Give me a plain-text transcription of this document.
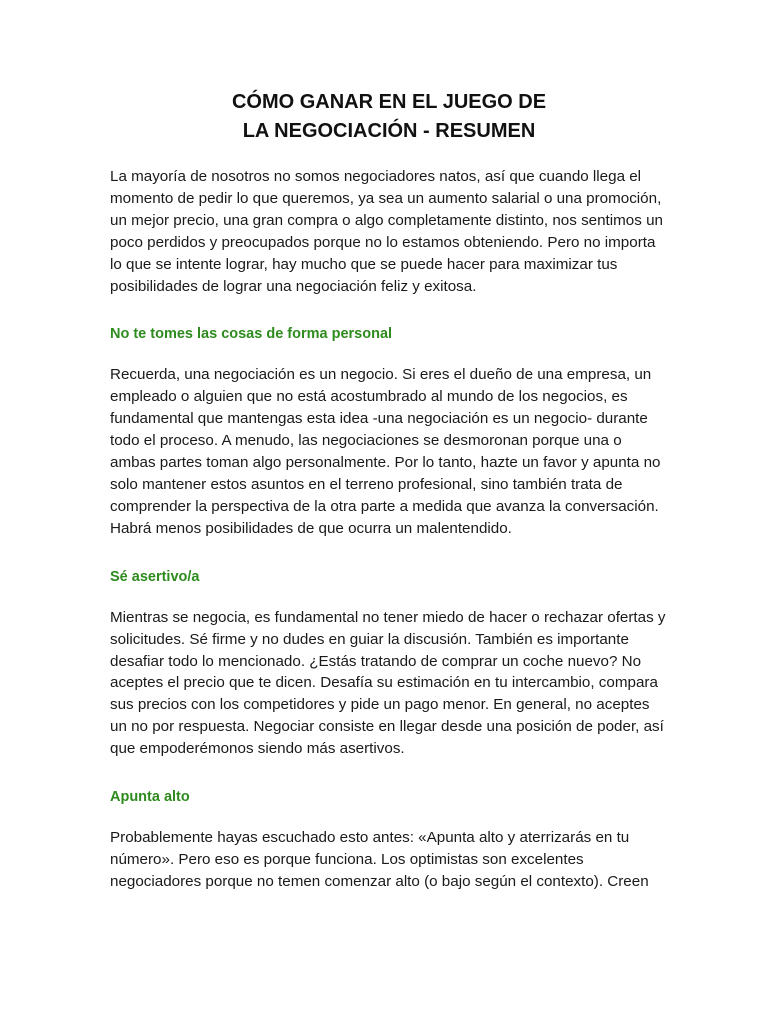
CÓMO GANAR EN EL JUEGO DE
LA NEGOCIACIÓN - RESUMEN

La mayoría de nosotros no somos negociadores natos, así que cuando llega el momento de pedir lo que queremos, ya sea un aumento salarial o una promoción, un mejor precio, una gran compra o algo completamente distinto, nos sentimos un poco perdidos y preocupados porque no lo estamos obteniendo. Pero no importa lo que se intente lograr, hay mucho que se puede hacer para maximizar tus posibilidades de lograr una negociación feliz y exitosa.

No te tomes las cosas de forma personal

Recuerda, una negociación es un negocio. Si eres el dueño de una empresa, un empleado o alguien que no está acostumbrado al mundo de los negocios, es fundamental que mantengas esta idea -una negociación es un negocio- durante todo el proceso. A menudo, las negociaciones se desmoronan porque una o ambas partes toman algo personalmente. Por lo tanto, hazte un favor y apunta no solo mantener estos asuntos en el terreno profesional, sino también trata de comprender la perspectiva de la otra parte a medida que avanza la conversación. Habrá menos posibilidades de que ocurra un malentendido.

Sé asertivo/a

Mientras se negocia, es fundamental no tener miedo de hacer o rechazar ofertas y solicitudes. Sé firme y no dudes en guiar la discusión. También es importante desafiar todo lo mencionado. ¿Estás tratando de comprar un coche nuevo? No aceptes el precio que te dicen. Desafía su estimación en tu intercambio, compara sus precios con los competidores y pide un pago menor. En general, no aceptes un no por respuesta. Negociar consiste en llegar desde una posición de poder, así que empoderémonos siendo más asertivos.

Apunta alto

Probablemente hayas escuchado esto antes: «Apunta alto y aterrizarás en tu número». Pero eso es porque funciona. Los optimistas son excelentes negociadores porque no temen comenzar alto (o bajo según el contexto). Creen
